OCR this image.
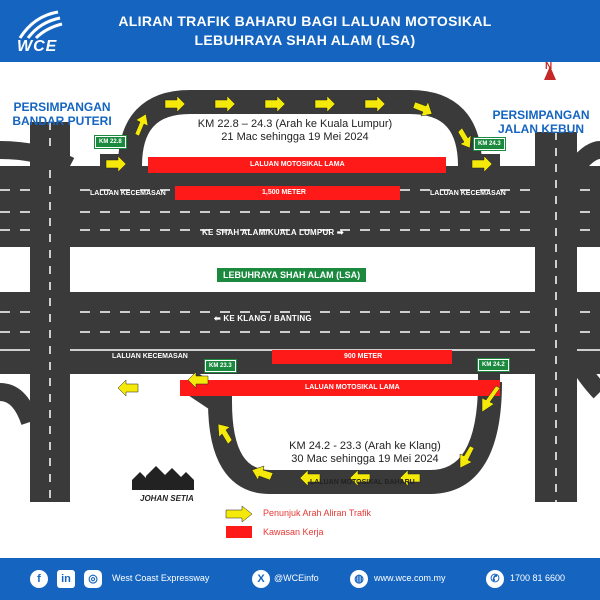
WCE
ALIRAN TRAFIK BAHARU BAGI LALUAN MOTOSIKAL
LEBUHRAYA SHAH ALAM (LSA)
N
PERSIMPANGAN
BANDAR PUTERI	PERSIMPANGAN
JALAN KEBUN
KM 22.8 – 24.3 (Arah ke Kuala Lumpur)
21 Mac sehingga 19 Mei 2024
KM 22.8	KM 24.3
KM 23.3	KM 24.2
LALUAN MOTOSIKAL LAMA
1,500 METER
900 METER
LALUAN MOTOSIKAL LAMA
LALUAN KECEMASAN	LALUAN KECEMASAN
LALUAN KECEMASAN
KE SHAH ALAM/KUALA LUMPUR ➡
⬅ KE KLANG / BANTING
LEBUHRAYA SHAH ALAM (LSA)
KM 24.2 - 23.3 (Arah ke Klang)
30 Mac sehingga 19 Mei 2024
LALUAN MOTOSIKAL BAHARU
JOHAN SETIA
Penunjuk Arah Aliran Trafik
Kawasan Kerja
f	in	◎	West Coast Expressway	X	@WCEinfo	◍	www.wce.com.my	✆	1700 81 6600
